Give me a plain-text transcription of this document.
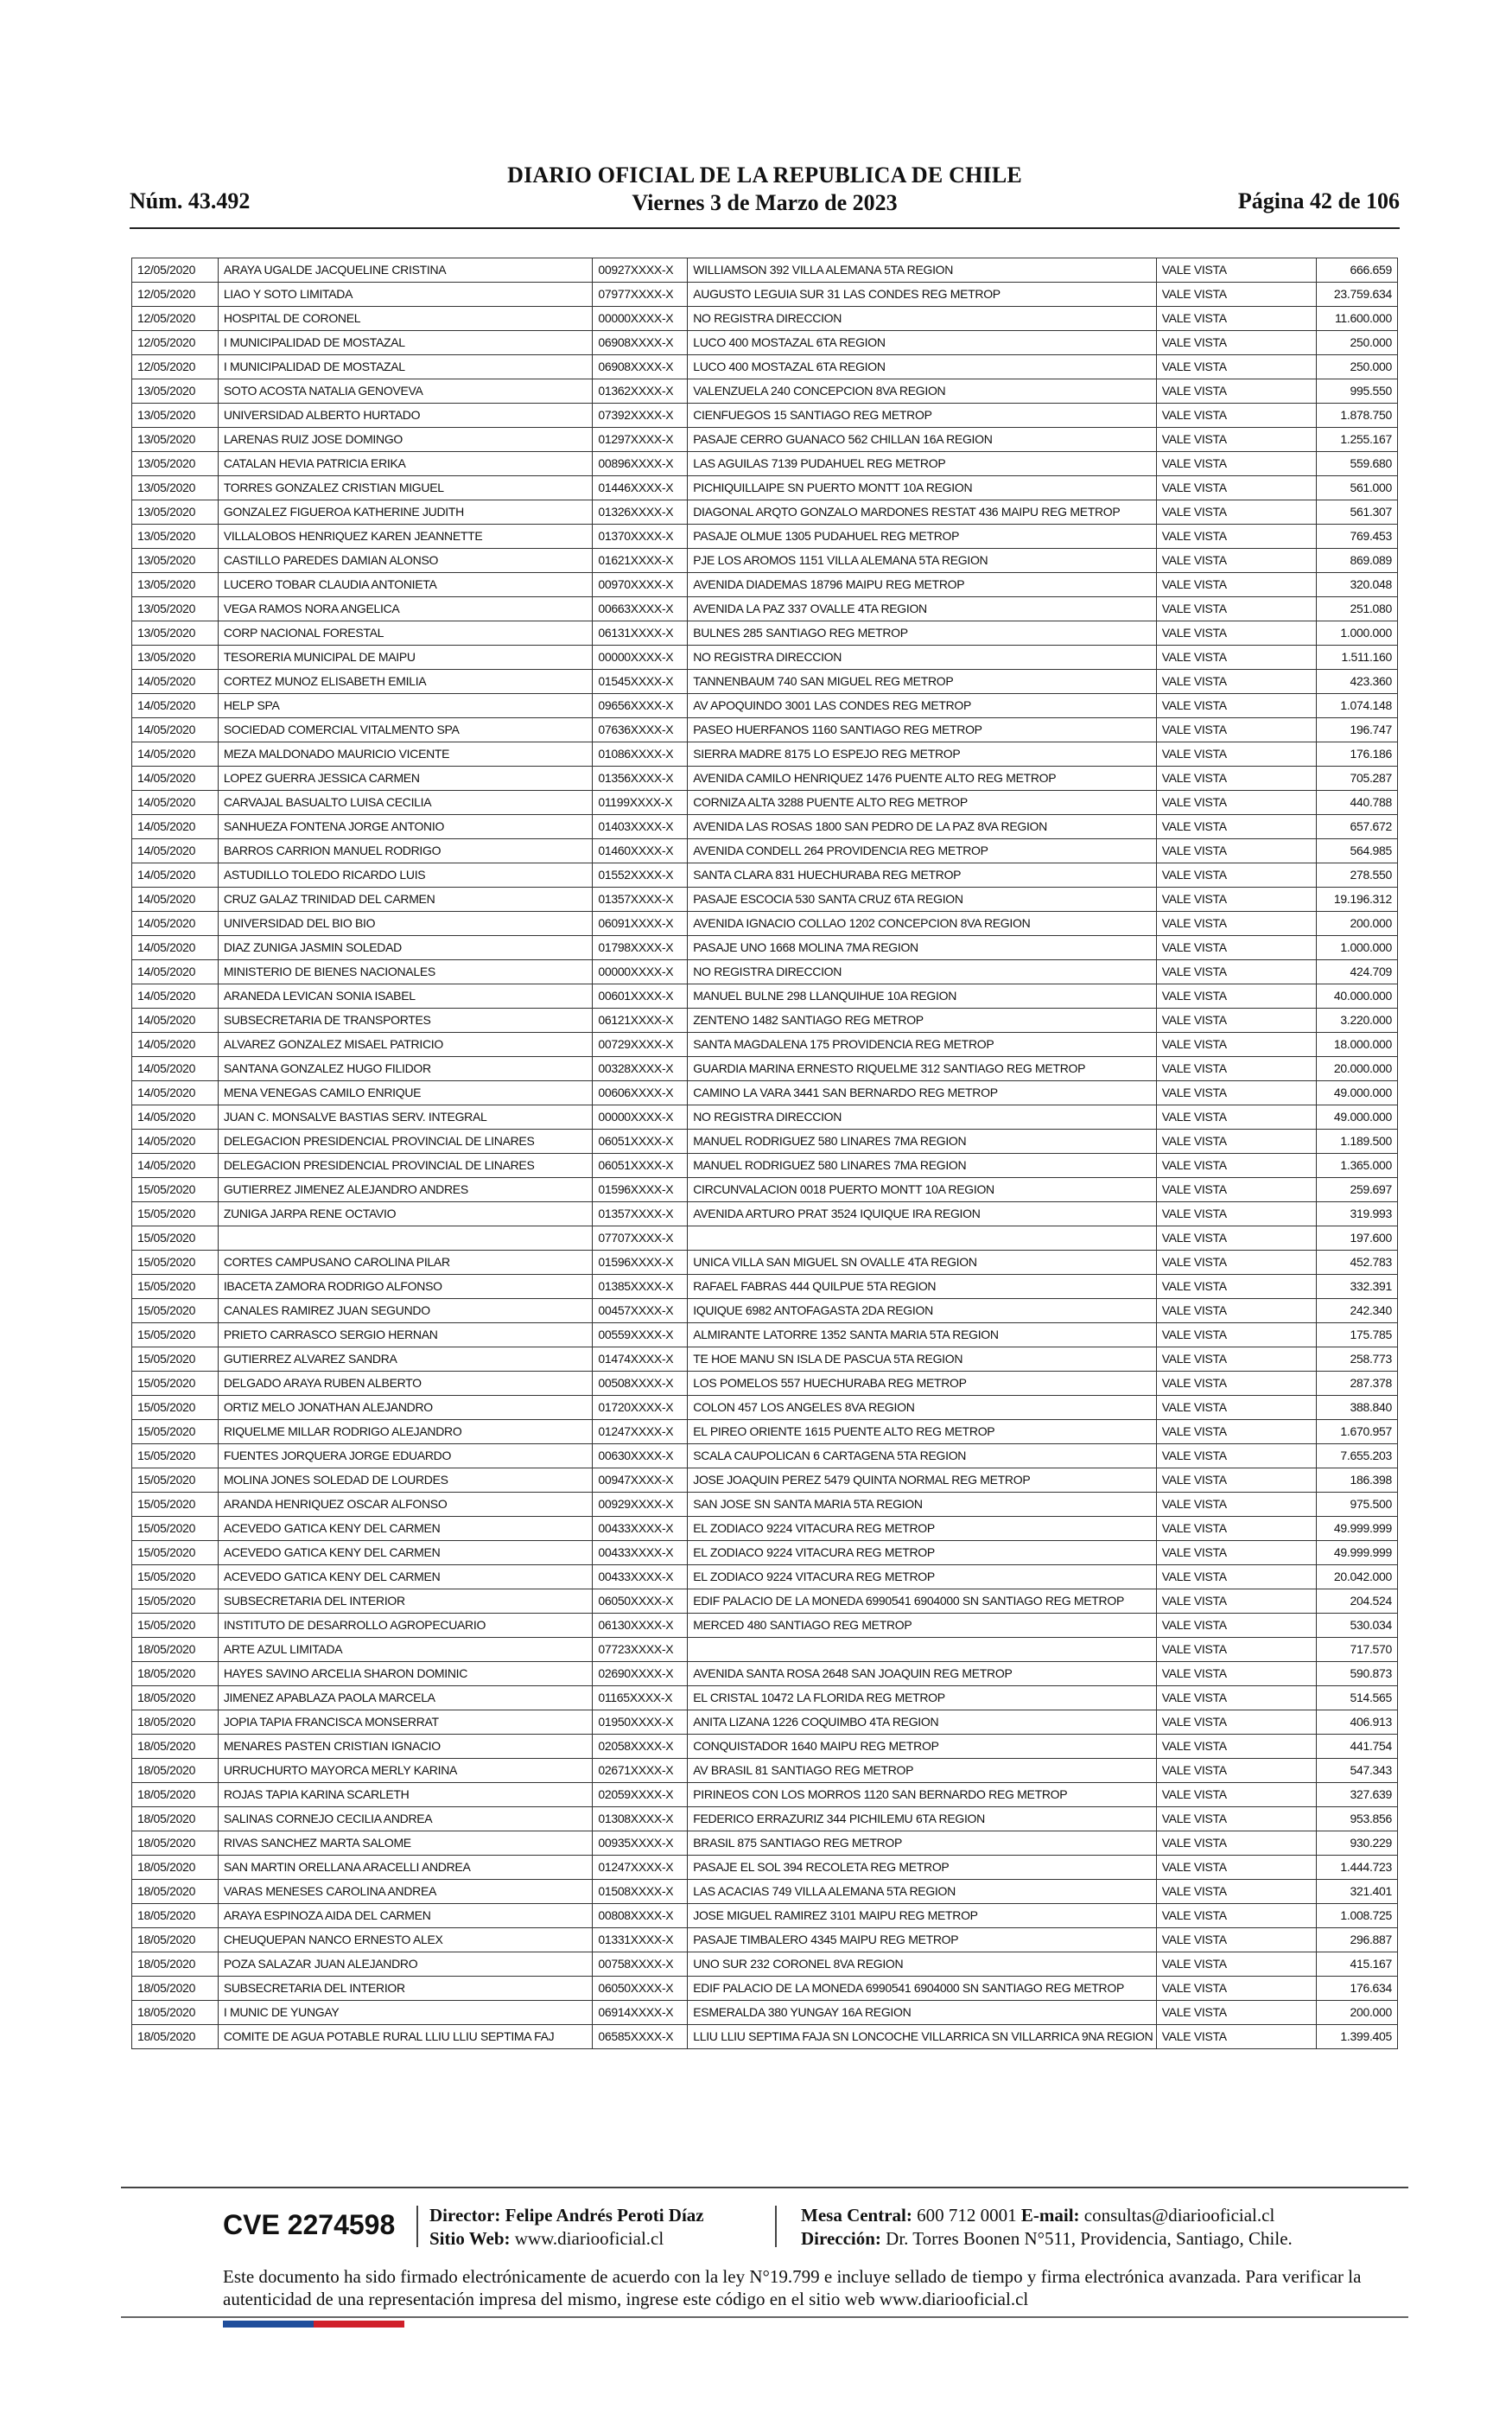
Núm. 43.492
DIARIO OFICIAL DE LA REPUBLICA DE CHILE
Viernes 3 de Marzo de 2023	Página 42 de 106
12/05/2020	ARAYA UGALDE JACQUELINE CRISTINA	00927XXXX-X	WILLIAMSON 392 VILLA ALEMANA 5TA REGION	VALE VISTA	666.659
12/05/2020	LIAO Y SOTO LIMITADA	07977XXXX-X	AUGUSTO LEGUIA SUR 31 LAS CONDES REG METROP	VALE VISTA	23.759.634
12/05/2020	HOSPITAL DE CORONEL	00000XXXX-X	NO REGISTRA DIRECCION	VALE VISTA	11.600.000
12/05/2020	I MUNICIPALIDAD DE MOSTAZAL	06908XXXX-X	LUCO 400 MOSTAZAL 6TA REGION	VALE VISTA	250.000
12/05/2020	I MUNICIPALIDAD DE MOSTAZAL	06908XXXX-X	LUCO 400 MOSTAZAL 6TA REGION	VALE VISTA	250.000
13/05/2020	SOTO ACOSTA NATALIA GENOVEVA	01362XXXX-X	VALENZUELA 240 CONCEPCION 8VA REGION	VALE VISTA	995.550
13/05/2020	UNIVERSIDAD ALBERTO HURTADO	07392XXXX-X	CIENFUEGOS 15 SANTIAGO REG METROP	VALE VISTA	1.878.750
13/05/2020	LARENAS RUIZ JOSE DOMINGO	01297XXXX-X	PASAJE CERRO GUANACO 562 CHILLAN 16A REGION	VALE VISTA	1.255.167
13/05/2020	CATALAN HEVIA PATRICIA ERIKA	00896XXXX-X	LAS AGUILAS 7139 PUDAHUEL REG METROP	VALE VISTA	559.680
13/05/2020	TORRES GONZALEZ CRISTIAN MIGUEL	01446XXXX-X	PICHIQUILLAIPE SN PUERTO MONTT 10A REGION	VALE VISTA	561.000
13/05/2020	GONZALEZ FIGUEROA KATHERINE JUDITH	01326XXXX-X	DIAGONAL ARQTO GONZALO MARDONES RESTAT 436 MAIPU REG METROP	VALE VISTA	561.307
13/05/2020	VILLALOBOS HENRIQUEZ KAREN JEANNETTE	01370XXXX-X	PASAJE OLMUE 1305 PUDAHUEL REG METROP	VALE VISTA	769.453
13/05/2020	CASTILLO PAREDES DAMIAN ALONSO	01621XXXX-X	PJE LOS AROMOS 1151 VILLA ALEMANA 5TA REGION	VALE VISTA	869.089
13/05/2020	LUCERO TOBAR CLAUDIA ANTONIETA	00970XXXX-X	AVENIDA DIADEMAS 18796 MAIPU REG METROP	VALE VISTA	320.048
13/05/2020	VEGA RAMOS NORA ANGELICA	00663XXXX-X	AVENIDA LA PAZ 337 OVALLE 4TA REGION	VALE VISTA	251.080
13/05/2020	CORP NACIONAL FORESTAL	06131XXXX-X	BULNES 285 SANTIAGO REG METROP	VALE VISTA	1.000.000
13/05/2020	TESORERIA MUNICIPAL DE MAIPU	00000XXXX-X	NO REGISTRA DIRECCION	VALE VISTA	1.511.160
14/05/2020	CORTEZ MUNOZ ELISABETH EMILIA	01545XXXX-X	TANNENBAUM 740 SAN MIGUEL REG METROP	VALE VISTA	423.360
14/05/2020	HELP SPA	09656XXXX-X	AV APOQUINDO 3001 LAS CONDES REG METROP	VALE VISTA	1.074.148
14/05/2020	SOCIEDAD COMERCIAL VITALMENTO SPA	07636XXXX-X	PASEO HUERFANOS 1160 SANTIAGO REG METROP	VALE VISTA	196.747
14/05/2020	MEZA MALDONADO MAURICIO VICENTE	01086XXXX-X	SIERRA MADRE 8175 LO ESPEJO REG METROP	VALE VISTA	176.186
14/05/2020	LOPEZ GUERRA JESSICA CARMEN	01356XXXX-X	AVENIDA CAMILO HENRIQUEZ 1476 PUENTE ALTO REG METROP	VALE VISTA	705.287
14/05/2020	CARVAJAL BASUALTO LUISA CECILIA	01199XXXX-X	CORNIZA ALTA 3288 PUENTE ALTO REG METROP	VALE VISTA	440.788
14/05/2020	SANHUEZA FONTENA JORGE ANTONIO	01403XXXX-X	AVENIDA LAS ROSAS 1800 SAN PEDRO DE LA PAZ 8VA REGION	VALE VISTA	657.672
14/05/2020	BARROS CARRION MANUEL RODRIGO	01460XXXX-X	AVENIDA CONDELL 264 PROVIDENCIA REG METROP	VALE VISTA	564.985
14/05/2020	ASTUDILLO TOLEDO RICARDO LUIS	01552XXXX-X	SANTA CLARA 831 HUECHURABA REG METROP	VALE VISTA	278.550
14/05/2020	CRUZ GALAZ TRINIDAD DEL CARMEN	01357XXXX-X	PASAJE ESCOCIA 530 SANTA CRUZ 6TA REGION	VALE VISTA	19.196.312
14/05/2020	UNIVERSIDAD DEL BIO BIO	06091XXXX-X	AVENIDA IGNACIO COLLAO 1202 CONCEPCION 8VA REGION	VALE VISTA	200.000
14/05/2020	DIAZ ZUNIGA JASMIN SOLEDAD	01798XXXX-X	PASAJE UNO 1668 MOLINA 7MA REGION	VALE VISTA	1.000.000
14/05/2020	MINISTERIO DE BIENES NACIONALES	00000XXXX-X	NO REGISTRA DIRECCION	VALE VISTA	424.709
14/05/2020	ARANEDA LEVICAN SONIA ISABEL	00601XXXX-X	MANUEL BULNE 298 LLANQUIHUE 10A REGION	VALE VISTA	40.000.000
14/05/2020	SUBSECRETARIA DE TRANSPORTES	06121XXXX-X	ZENTENO 1482 SANTIAGO REG METROP	VALE VISTA	3.220.000
14/05/2020	ALVAREZ GONZALEZ MISAEL PATRICIO	00729XXXX-X	SANTA MAGDALENA 175 PROVIDENCIA REG METROP	VALE VISTA	18.000.000
14/05/2020	SANTANA GONZALEZ HUGO FILIDOR	00328XXXX-X	GUARDIA MARINA ERNESTO RIQUELME 312 SANTIAGO REG METROP	VALE VISTA	20.000.000
14/05/2020	MENA VENEGAS CAMILO ENRIQUE	00606XXXX-X	CAMINO LA VARA 3441 SAN BERNARDO REG METROP	VALE VISTA	49.000.000
14/05/2020	JUAN C. MONSALVE BASTIAS SERV. INTEGRAL	00000XXXX-X	NO REGISTRA DIRECCION	VALE VISTA	49.000.000
14/05/2020	DELEGACION PRESIDENCIAL PROVINCIAL DE LINARES	06051XXXX-X	MANUEL RODRIGUEZ 580 LINARES 7MA REGION	VALE VISTA	1.189.500
14/05/2020	DELEGACION PRESIDENCIAL PROVINCIAL DE LINARES	06051XXXX-X	MANUEL RODRIGUEZ 580 LINARES 7MA REGION	VALE VISTA	1.365.000
15/05/2020	GUTIERREZ JIMENEZ ALEJANDRO ANDRES	01596XXXX-X	CIRCUNVALACION 0018 PUERTO MONTT 10A REGION	VALE VISTA	259.697
15/05/2020	ZUNIGA JARPA RENE OCTAVIO	01357XXXX-X	AVENIDA ARTURO PRAT 3524 IQUIQUE IRA REGION	VALE VISTA	319.993
15/05/2020		07707XXXX-X		VALE VISTA	197.600
15/05/2020	CORTES CAMPUSANO CAROLINA PILAR	01596XXXX-X	UNICA VILLA SAN MIGUEL SN OVALLE 4TA REGION	VALE VISTA	452.783
15/05/2020	IBACETA ZAMORA RODRIGO ALFONSO	01385XXXX-X	RAFAEL FABRAS 444 QUILPUE 5TA REGION	VALE VISTA	332.391
15/05/2020	CANALES RAMIREZ JUAN SEGUNDO	00457XXXX-X	IQUIQUE 6982 ANTOFAGASTA 2DA REGION	VALE VISTA	242.340
15/05/2020	PRIETO CARRASCO SERGIO HERNAN	00559XXXX-X	ALMIRANTE LATORRE 1352 SANTA MARIA 5TA REGION	VALE VISTA	175.785
15/05/2020	GUTIERREZ ALVAREZ SANDRA	01474XXXX-X	TE HOE MANU SN ISLA DE PASCUA 5TA REGION	VALE VISTA	258.773
15/05/2020	DELGADO ARAYA RUBEN ALBERTO	00508XXXX-X	LOS POMELOS 557 HUECHURABA REG METROP	VALE VISTA	287.378
15/05/2020	ORTIZ MELO JONATHAN ALEJANDRO	01720XXXX-X	COLON 457 LOS ANGELES 8VA REGION	VALE VISTA	388.840
15/05/2020	RIQUELME MILLAR RODRIGO ALEJANDRO	01247XXXX-X	EL PIREO ORIENTE 1615 PUENTE ALTO REG METROP	VALE VISTA	1.670.957
15/05/2020	FUENTES JORQUERA JORGE EDUARDO	00630XXXX-X	SCALA CAUPOLICAN 6 CARTAGENA 5TA REGION	VALE VISTA	7.655.203
15/05/2020	MOLINA JONES SOLEDAD DE LOURDES	00947XXXX-X	JOSE JOAQUIN PEREZ 5479 QUINTA NORMAL REG METROP	VALE VISTA	186.398
15/05/2020	ARANDA HENRIQUEZ OSCAR ALFONSO	00929XXXX-X	SAN JOSE SN SANTA MARIA 5TA REGION	VALE VISTA	975.500
15/05/2020	ACEVEDO GATICA KENY DEL CARMEN	00433XXXX-X	EL ZODIACO 9224 VITACURA REG METROP	VALE VISTA	49.999.999
15/05/2020	ACEVEDO GATICA KENY DEL CARMEN	00433XXXX-X	EL ZODIACO 9224 VITACURA REG METROP	VALE VISTA	49.999.999
15/05/2020	ACEVEDO GATICA KENY DEL CARMEN	00433XXXX-X	EL ZODIACO 9224 VITACURA REG METROP	VALE VISTA	20.042.000
15/05/2020	SUBSECRETARIA DEL INTERIOR	06050XXXX-X	EDIF PALACIO DE LA MONEDA 6990541 6904000 SN SANTIAGO REG METROP	VALE VISTA	204.524
15/05/2020	INSTITUTO DE DESARROLLO AGROPECUARIO	06130XXXX-X	MERCED 480 SANTIAGO REG METROP	VALE VISTA	530.034
18/05/2020	ARTE AZUL LIMITADA	07723XXXX-X		VALE VISTA	717.570
18/05/2020	HAYES SAVINO ARCELIA SHARON DOMINIC	02690XXXX-X	AVENIDA SANTA ROSA 2648 SAN JOAQUIN REG METROP	VALE VISTA	590.873
18/05/2020	JIMENEZ APABLAZA PAOLA MARCELA	01165XXXX-X	EL CRISTAL 10472 LA FLORIDA REG METROP	VALE VISTA	514.565
18/05/2020	JOPIA TAPIA FRANCISCA MONSERRAT	01950XXXX-X	ANITA LIZANA 1226 COQUIMBO 4TA REGION	VALE VISTA	406.913
18/05/2020	MENARES PASTEN CRISTIAN IGNACIO	02058XXXX-X	CONQUISTADOR 1640 MAIPU REG METROP	VALE VISTA	441.754
18/05/2020	URRUCHURTO MAYORCA MERLY KARINA	02671XXXX-X	AV BRASIL 81 SANTIAGO REG METROP	VALE VISTA	547.343
18/05/2020	ROJAS TAPIA KARINA SCARLETH	02059XXXX-X	PIRINEOS CON LOS MORROS 1120 SAN BERNARDO REG METROP	VALE VISTA	327.639
18/05/2020	SALINAS CORNEJO CECILIA ANDREA	01308XXXX-X	FEDERICO ERRAZURIZ 344 PICHILEMU 6TA REGION	VALE VISTA	953.856
18/05/2020	RIVAS SANCHEZ MARTA SALOME	00935XXXX-X	BRASIL 875 SANTIAGO REG METROP	VALE VISTA	930.229
18/05/2020	SAN MARTIN ORELLANA ARACELLI ANDREA	01247XXXX-X	PASAJE EL SOL 394 RECOLETA REG METROP	VALE VISTA	1.444.723
18/05/2020	VARAS MENESES CAROLINA ANDREA	01508XXXX-X	LAS ACACIAS 749 VILLA ALEMANA 5TA REGION	VALE VISTA	321.401
18/05/2020	ARAYA ESPINOZA AIDA DEL CARMEN	00808XXXX-X	JOSE MIGUEL RAMIREZ 3101 MAIPU REG METROP	VALE VISTA	1.008.725
18/05/2020	CHEUQUEPAN NANCO ERNESTO ALEX	01331XXXX-X	PASAJE TIMBALERO 4345 MAIPU REG METROP	VALE VISTA	296.887
18/05/2020	POZA SALAZAR JUAN ALEJANDRO	00758XXXX-X	UNO SUR 232 CORONEL 8VA REGION	VALE VISTA	415.167
18/05/2020	SUBSECRETARIA DEL INTERIOR	06050XXXX-X	EDIF PALACIO DE LA MONEDA 6990541 6904000 SN SANTIAGO REG METROP	VALE VISTA	176.634
18/05/2020	I MUNIC DE YUNGAY	06914XXXX-X	ESMERALDA 380 YUNGAY 16A REGION	VALE VISTA	200.000
18/05/2020	COMITE DE AGUA POTABLE RURAL LLIU LLIU SEPTIMA FAJ	06585XXXX-X	LLIU LLIU SEPTIMA FAJA SN LONCOCHE VILLARRICA SN VILLARRICA 9NA REGION	VALE VISTA	1.399.405
CVE 2274598 Director: Felipe Andrés Peroti Díaz
Sitio Web: www.diariooficial.cl
Mesa Central: 600 712 0001 E-mail: consultas@diariooficial.cl
Dirección: Dr. Torres Boonen N°511, Providencia, Santiago, Chile.
Este documento ha sido firmado electrónicamente de acuerdo con la ley N°19.799 e incluye sellado de tiempo y firma electrónica avanzada. Para verificar la autenticidad de una representación impresa del mismo, ingrese este código en el sitio web www.diariooficial.cl
